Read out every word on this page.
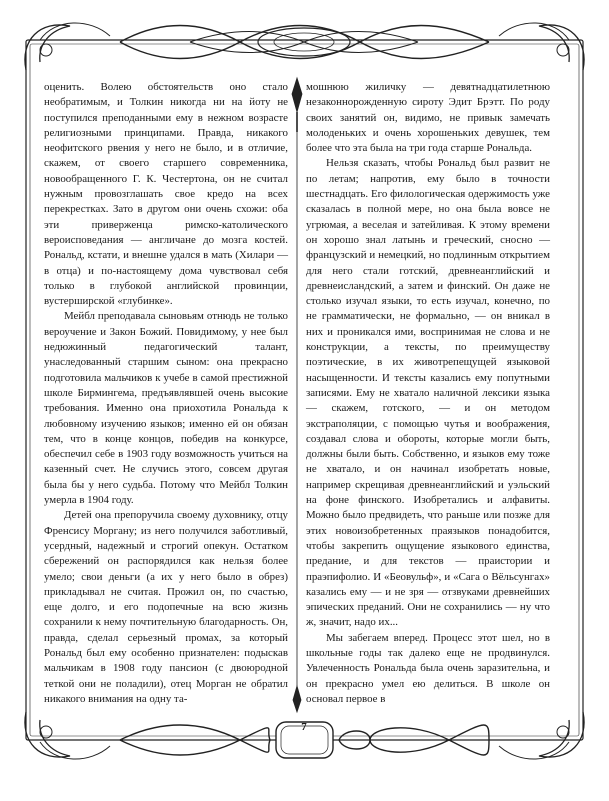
оценить. Волею обстоятельств оно стало необратимым, и Толкин никогда ни на йоту не поступился преподанными ему в нежном возрасте религиозными принципами. Правда, никакого неофитского рвения у него не было, и в отличие, скажем, от своего старшего современника, новообращенного Г. К. Честертона, он не считал нужным провозглашать свое кредо на всех перекрестках. Зато в другом они очень схожи: оба эти приверженца римско-католического вероисповедания — англичане до мозга костей. Рональд, кстати, и внешне удался в мать (Хилари — в отца) и по-настоящему дома чувствовал себя только в глубокой английской провинции, вустерширской «глубинке».

Мейбл преподавала сыновьям отнюдь не только вероучение и Закон Божий. Повидимому, у нее был недюжинный педагогический талант, унаследованный старшим сыном: она прекрасно подготовила мальчиков к учебе в самой престижной школе Бирмингема, предъявлявшей очень высокие требования. Именно она приохотила Рональда к любовному изучению языков; именно ей он обязан тем, что в конце концов, победив на конкурсе, обеспечил себе в 1903 году возможность учиться на казенный счет. Не случись этого, совсем другая была бы у него судьба. Потому что Мейбл Толкин умерла в 1904 году.

Детей она препоручила своему духовнику, отцу Френсису Моргану; из него получился заботливый, усердный, надежный и строгий опекун. Остатком сбережений он распорядился как нельзя более умело; свои деньги (а их у него было в обрез) прикладывал не считая. Прожил он, по счастью, еще долго, и его подопечные на всю жизнь сохранили к нему почтительную благодарность. Он, правда, сделал серьезный промах, за который Рональд был ему особенно признателен: подыскав мальчикам в 1908 году пансион (с двоюродной теткой они не поладили), отец Морган не обратил никакого внимания на одну та-

мошнюю жиличку — девятнадцатилетнюю незаконнорожденную сироту Эдит Брэтт. По роду своих занятий он, видимо, не привык замечать молоденьких и очень хорошеньких девушек, тем более что эта была на три года старше Рональда.

Нельзя сказать, чтобы Рональд был развит не по летам; напротив, ему было в точности шестнадцать. Его филологическая одержимость уже сказалась в полной мере, но она была вовсе не угрюмая, а веселая и затейливая. К этому времени он хорошо знал латынь и греческий, сносно — французский и немецкий, но подлинным открытием для него стали готский, древнеанглийский и древнеисландский, а затем и финский. Он даже не столько изучал языки, то есть изучал, конечно, по не грамматически, не формально, — он вникал в них и проникался ими, воспринимая не слова и не конструкции, а тексты, по преимуществу поэтические, в их животрепещущей языковой насыщенности. И тексты казались ему попутными записями. Ему не хватало наличной лексики языка — скажем, готского, — и он методом экстраполяции, с помощью чутья и воображения, создавал слова и обороты, которые могли быть, должны были быть. Собственно, и языков ему тоже не хватало, и он начинал изобретать новые, например скрещивая древнеанглийский и уэльский на фоне финского. Изобретались и алфавиты. Можно было предвидеть, что раньше или позже для этих новоизобретенных праязыков понадобится, чтобы закрепить ощущение языкового единства, предание, и для текстов — праистории и праэпифолио. И «Беовульф», и «Сага о Вёльсунгах» казались ему — и не зря — отзвуками древнейших эпических преданий. Они не сохранились — ну что ж, значит, надо их...

Мы забегаем вперед. Процесс этот шел, но в школьные годы так далеко еще не продвинулся. Увлеченность Рональда была очень заразительна, и он прекрасно умел ею делиться. В школе он основал первое в

7
